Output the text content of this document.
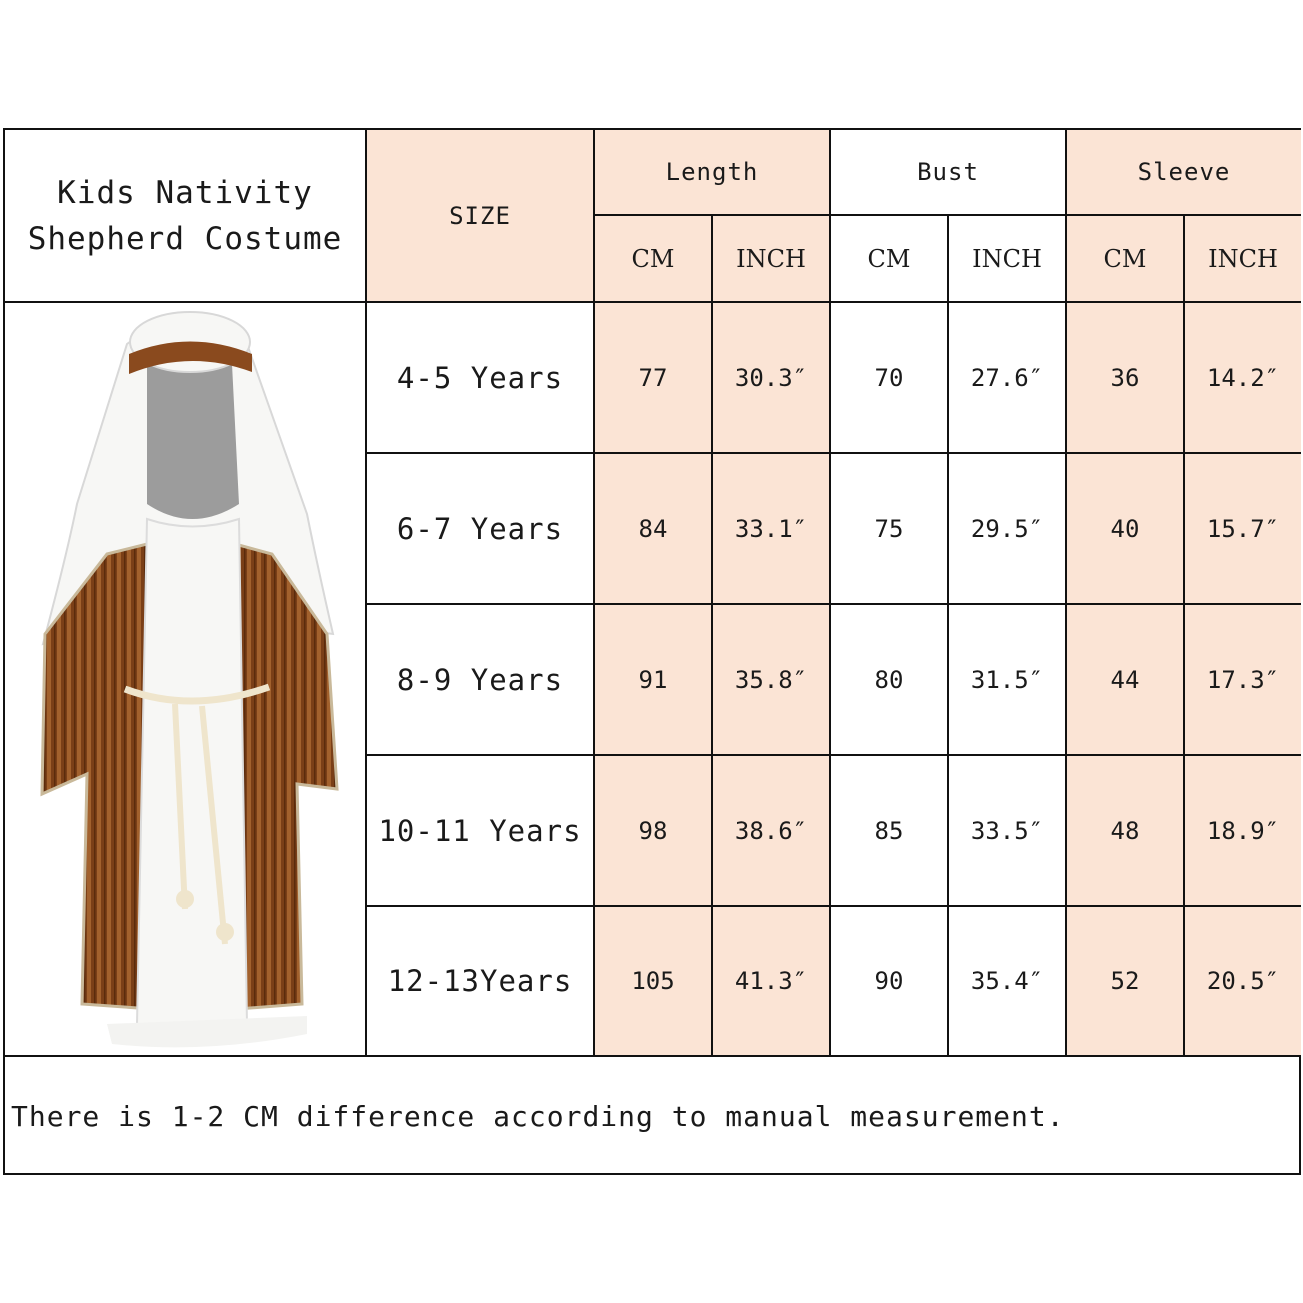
Kids Nativity
Shepherd Costume
SIZE
Length	Bust	Sleeve
CM	INCH	CM	INCH	CM	INCH
4-5 Years	77	30.3″	70	27.6″	36	14.2″
6-7 Years	84	33.1″	75	29.5″	40	15.7″
8-9 Years	91	35.8″	80	31.5″	44	17.3″
10-11 Years	98	38.6″	85	33.5″	48	18.9″
12-13Years	105	41.3″	90	35.4″	52	20.5″
There is 1-2 CM difference according to manual measurement.
